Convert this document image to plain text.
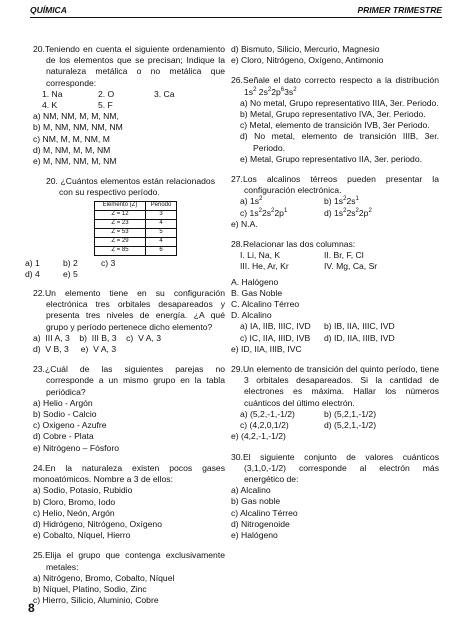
QUÍMICA	PRIMER TRIMESTRE

20.Teniendo en cuenta el siguiente ordenamiento de los elementos que se precisan; Indique la naturaleza metálica o no metálica que corresponde:

1. Na	2. O	3. Ca
4. K	5. F

a) NM, NM, M, M, NM,

b) M, NM, NM, NM, NM

c) NM, M, M, NM, M

d) M, NM, M, M, NM

e) M, NM, NM, M, NM

20. ¿Cuántos elementos están relacionados con su respectivo período.

Elemento (Z)	Periodo
Z = 12	3
Z = 23	4
Z = 53	5
Z = 29	4
Z = 85	6
a) 1	b) 2	c) 3
d) 4	e) 5

22.Un elemento tiene en su configuración electrónica tres orbitales desapareados y presenta tres niveles de energía. ¿A qué grupo y período pertenece dicho elemento?

a)  III A, 3    b)  III B, 3    c)  V A, 3

d)  V B, 3     e)  V A, 3

23.¿Cuál de las siguientes parejas no corresponde a un mismo grupo en la tabla periódica?

a) Helio - Argón

b) Sodio - Calcio

c) Oxigeno - Azufre

d) Cobre - Plata

e) Nitrógeno – Fósforo

24.En la naturaleza existen pocos gases monoatómicos. Nombre a 3 de ellos:

a) Sodio, Potasio, Rubidio

b) Cloro, Bromo, Iodo

c) Helio, Neón, Argón

d) Hidrógeno, Nitrógeno, Oxígeno

e) Cobalto, Níquel, Hierro

25.Elija el grupo que contenga exclusivamente metales:

a) Nitrógeno, Bromo, Cobalto, Níquel

b) Níquel, Platino, Sodio, Zinc

c) Hierro, Silicio, Aluminio, Cobre

d) Bismuto, Silicio, Mercurio, Magnesio

e) Cloro, Nitrógeno, Oxígeno, Antimonio

26.Señale el dato correcto respecto a la distribución $1s^2$ $2s^22p^63s^2$

a) No metal, Grupo representativo IIIA, 3er. Periodo.

b) Metal, Grupo representativo IVA, 3er. Periodo.

c) Metal, elemento de transición IVB, 3er Periodo.

d) No metal, elemento de transición IIIB, 3er. Periodo.

e) Metal, Grupo representativo IIA, 3er. periodo.

27.Los alcalinos térreos pueden presentar la configuración electrónica.

a) $1s^2$	b) $1s^22s^1$
c) $1s^22s^22p^1$	d) $1s^22s^22p^2$

e) N.A.

28.Relacionar las dos columnas:

I. Li, Na, K	II. Br, F, Cl
III. He, Ar, Kr	IV. Mg, Ca, Sr

A. Halógeno

B. Gas Noble

C. Alcalino Térreo

D. Alcalino

a) IA, IIB, IIIC, IVD	b) IB, IIA, IIIC, IVD
c) IC, IIA, IIID, IVB	d) ID, IIA, IIIB, IVD

e) ID, IIA, IIIB, IVC

29.Un elemento de transición del quinto período, tiene 3 orbitales desapareados. Si la cantidad de electrones es máxima. Hallar los números cuánticos del último electrón.

a) (5,2,-1,-1/2)	b) (5,2,1,-1/2)
c) (4,2,0,1/2)	d) (5,2,1,-1/2)

e) (4,2,-1,-1/2)

30.El siguiente conjunto de valores cuánticos (3,1,0,-1/2) corresponde al electrón más energético de:

a) Alcalino

b) Gas noble

c) Alcalino Térreo

d) Nitrogenoide

e) Halógeno

8
